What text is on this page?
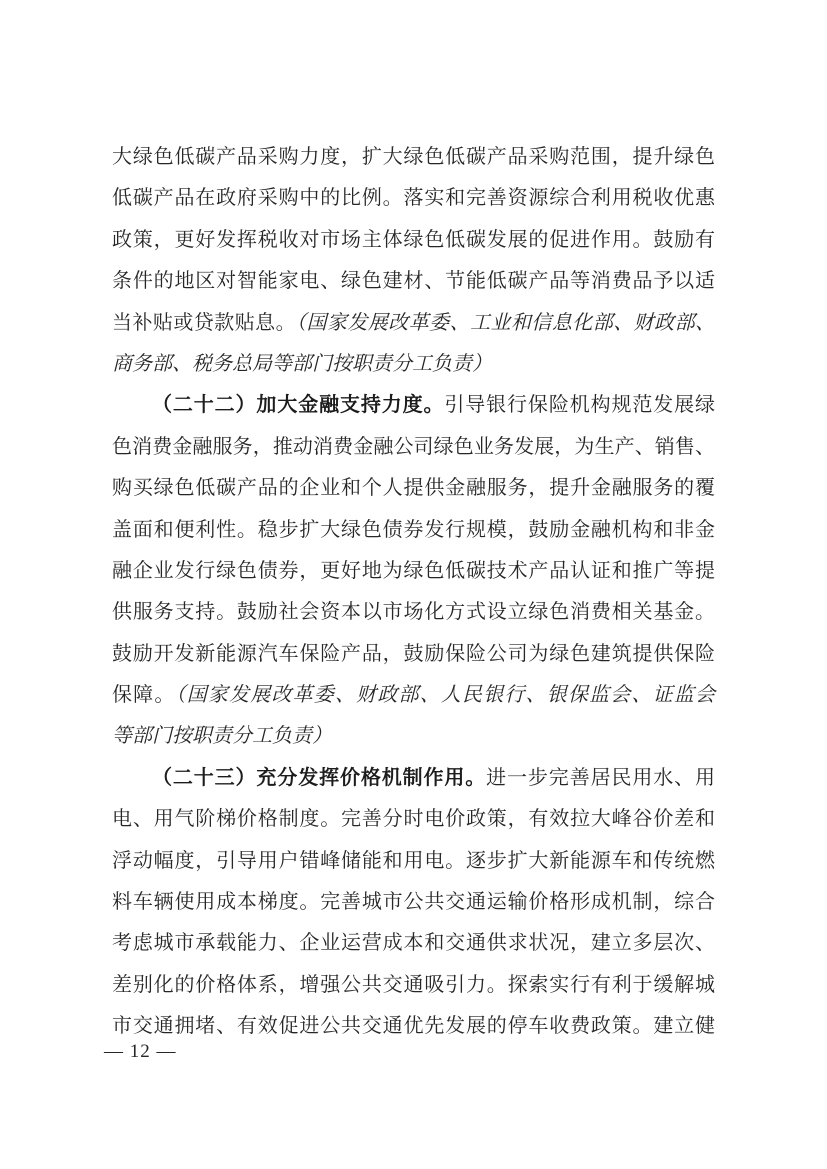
大绿色低碳产品采购力度，扩大绿色低碳产品采购范围，提升绿色
低碳产品在政府采购中的比例。落实和完善资源综合利用税收优惠
政策，更好发挥税收对市场主体绿色低碳发展的促进作用。鼓励有
条件的地区对智能家电、绿色建材、节能低碳产品等消费品予以适
当补贴或贷款贴息。（国家发展改革委、工业和信息化部、财政部、
商务部、税务总局等部门按职责分工负责）
（二十二）加大金融支持力度。引导银行保险机构规范发展绿
色消费金融服务，推动消费金融公司绿色业务发展，为生产、销售、
购买绿色低碳产品的企业和个人提供金融服务，提升金融服务的覆
盖面和便利性。稳步扩大绿色债券发行规模，鼓励金融机构和非金
融企业发行绿色债券，更好地为绿色低碳技术产品认证和推广等提
供服务支持。鼓励社会资本以市场化方式设立绿色消费相关基金。
鼓励开发新能源汽车保险产品，鼓励保险公司为绿色建筑提供保险
保障。（国家发展改革委、财政部、人民银行、银保监会、证监会
等部门按职责分工负责）
（二十三）充分发挥价格机制作用。进一步完善居民用水、用
电、用气阶梯价格制度。完善分时电价政策，有效拉大峰谷价差和
浮动幅度，引导用户错峰储能和用电。逐步扩大新能源车和传统燃
料车辆使用成本梯度。完善城市公共交通运输价格形成机制，综合
考虑城市承载能力、企业运营成本和交通供求状况，建立多层次、
差别化的价格体系，增强公共交通吸引力。探索实行有利于缓解城
市交通拥堵、有效促进公共交通优先发展的停车收费政策。建立健
— 12 —
